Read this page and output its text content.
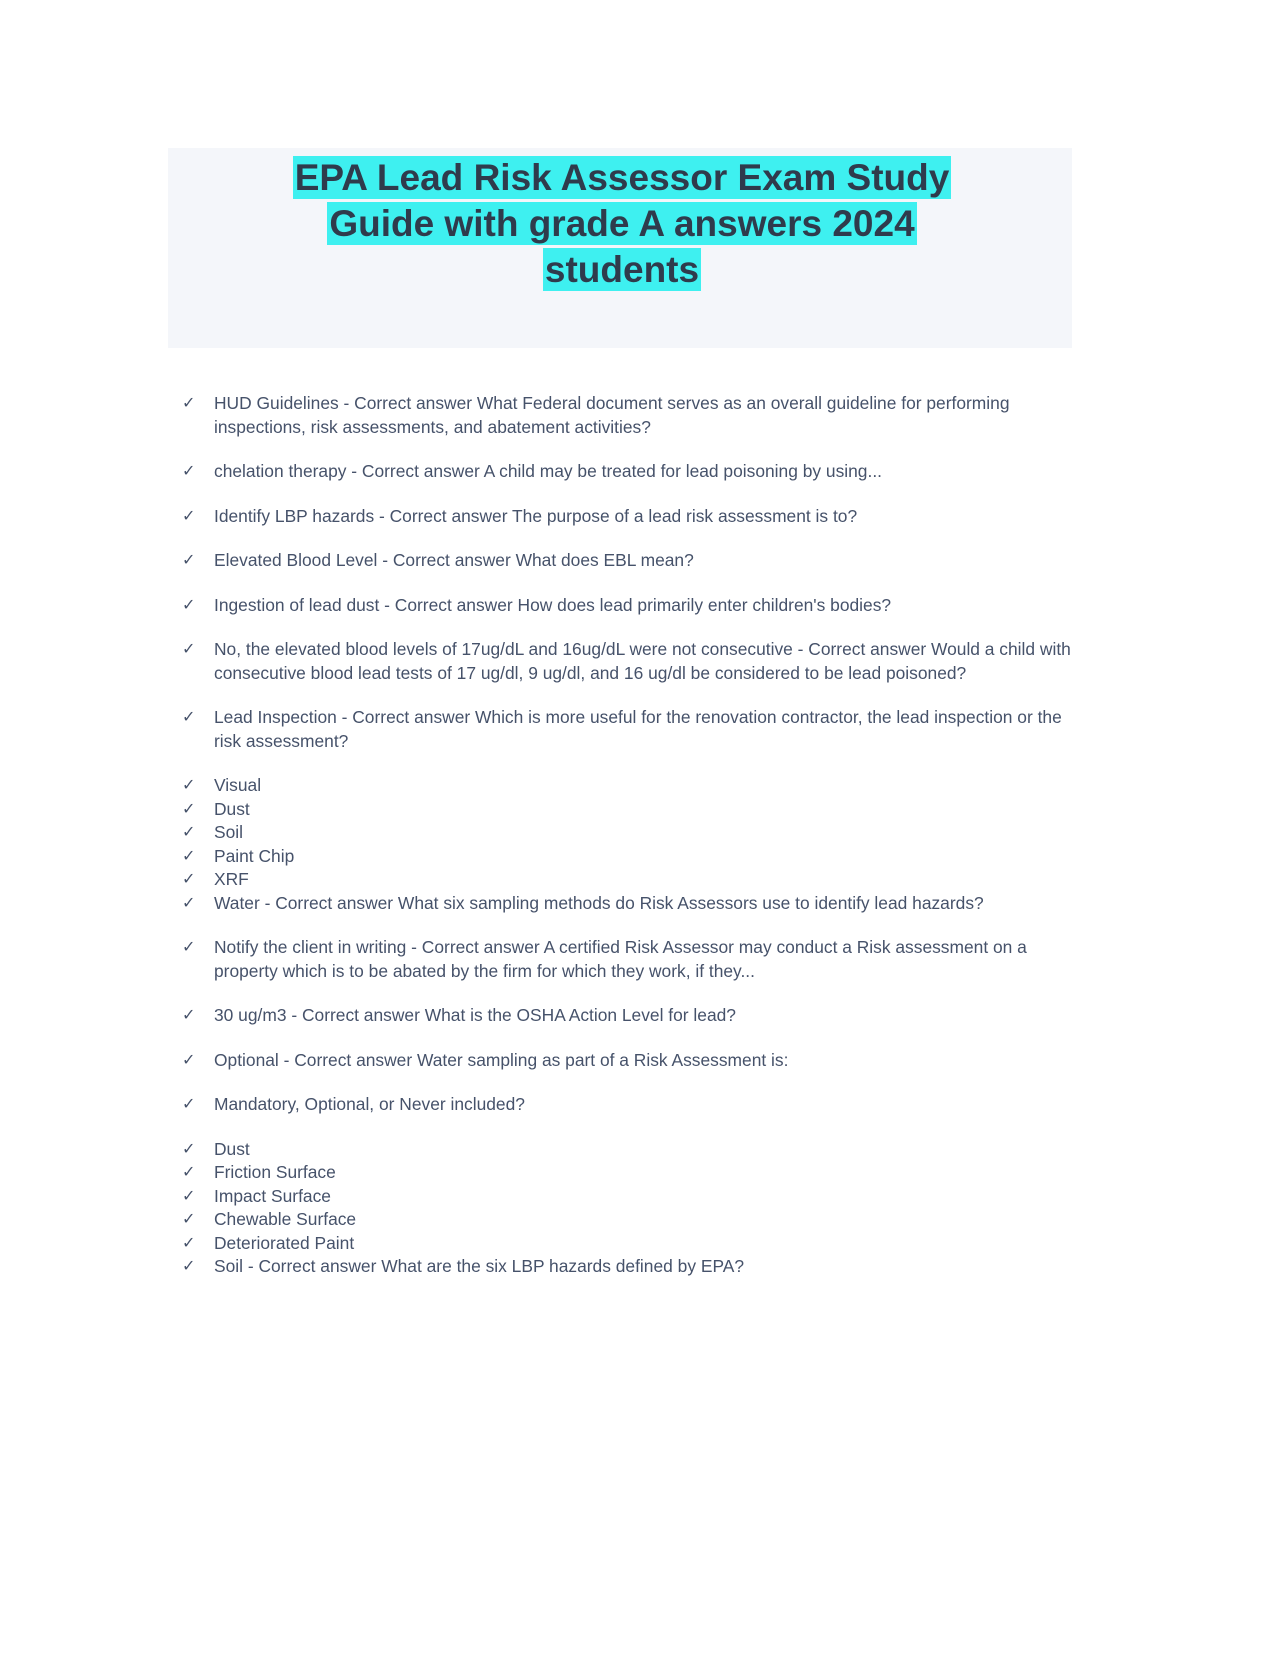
EPA Lead Risk Assessor Exam Study
Guide with grade A answers 2024
students
✓ HUD Guidelines - Correct answer What Federal document serves as an overall guideline for performing inspections, risk assessments, and abatement activities?
✓ chelation therapy - Correct answer A child may be treated for lead poisoning by using...
✓ Identify LBP hazards - Correct answer The purpose of a lead risk assessment is to?
✓ Elevated Blood Level - Correct answer What does EBL mean?
✓ Ingestion of lead dust - Correct answer How does lead primarily enter children's bodies?
✓ No, the elevated blood levels of 17ug/dL and 16ug/dL were not consecutive - Correct answer Would a child with consecutive blood lead tests of 17 ug/dl, 9 ug/dl, and 16 ug/dl be considered to be lead poisoned?
✓ Lead Inspection - Correct answer Which is more useful for the renovation contractor, the lead inspection or the risk assessment?
✓ Visual
✓ Dust
✓ Soil
✓ Paint Chip
✓ XRF
✓ Water - Correct answer What six sampling methods do Risk Assessors use to identify lead hazards?
✓ Notify the client in writing - Correct answer A certified Risk Assessor may conduct a Risk assessment on a property which is to be abated by the firm for which they work, if they...
✓ 30 ug/m3 - Correct answer What is the OSHA Action Level for lead?
✓ Optional - Correct answer Water sampling as part of a Risk Assessment is:
✓ Mandatory, Optional, or Never included?
✓ Dust
✓ Friction Surface
✓ Impact Surface
✓ Chewable Surface
✓ Deteriorated Paint
✓ Soil - Correct answer What are the six LBP hazards defined by EPA?
